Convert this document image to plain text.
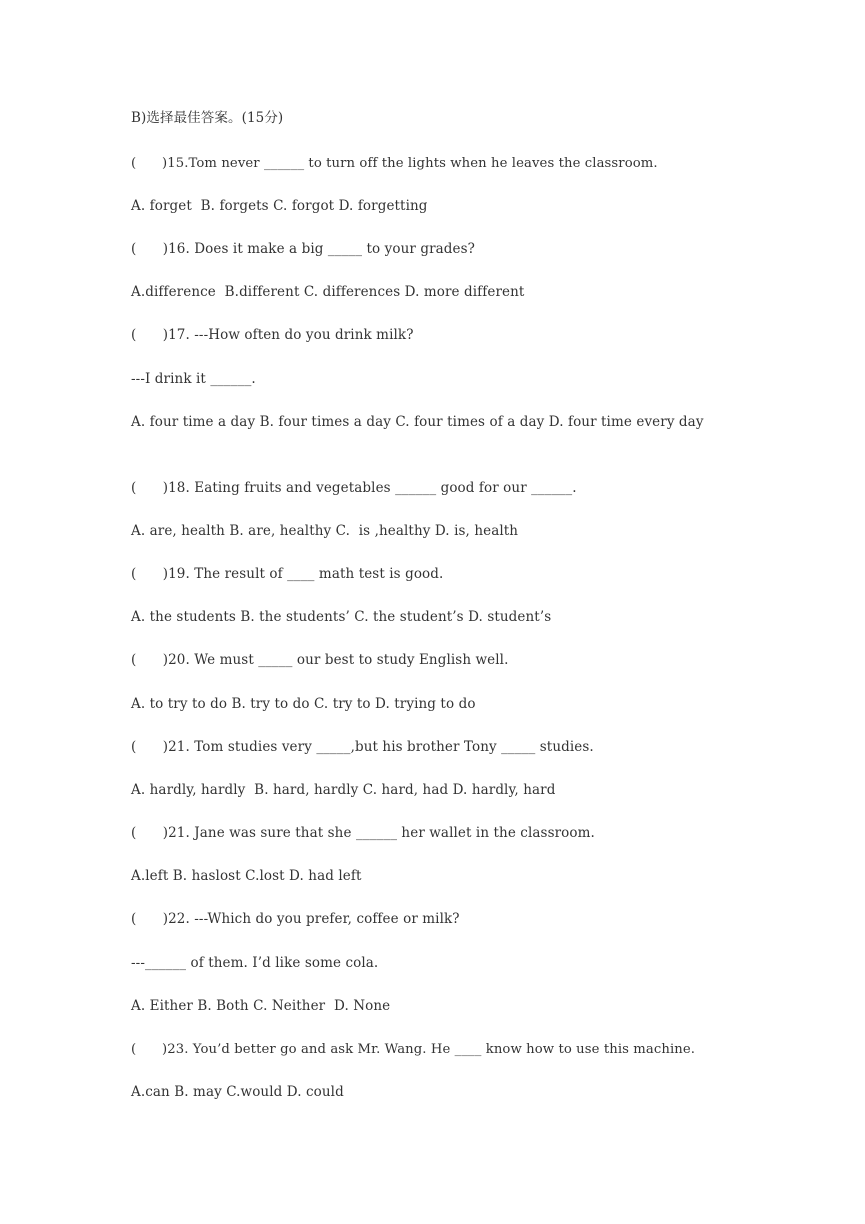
B)选择最佳答案。(15分)
(      )15.Tom never ______ to turn off the lights when he leaves the classroom.
A. forget  B. forgets C. forgot D. forgetting
(      )16. Does it make a big _____ to your grades?
A.difference  B.different C. differences D. more different
(      )17. ---How often do you drink milk?
---I drink it ______.
A. four time a day B. four times a day C. four times of a day D. four time every day
(      )18. Eating fruits and vegetables ______ good for our ______.
A. are, health B. are, healthy C.  is ,healthy D. is, health
(      )19. The result of ____ math test is good.
A. the students B. the students’ C. the student’s D. student’s
(      )20. We must _____ our best to study English well.
A. to try to do B. try to do C. try to D. trying to do
(      )21. Tom studies very _____,but his brother Tony _____ studies.
A. hardly, hardly  B. hard, hardly C. hard, had D. hardly, hard
(      )21. Jane was sure that she ______ her wallet in the classroom.
A.left B. haslost C.lost D. had left
(      )22. ---Which do you prefer, coffee or milk?
---______ of them. I’d like some cola.
A. Either B. Both C. Neither  D. None
(      )23. You’d better go and ask Mr. Wang. He ____ know how to use this machine.
A.can B. may C.would D. could
